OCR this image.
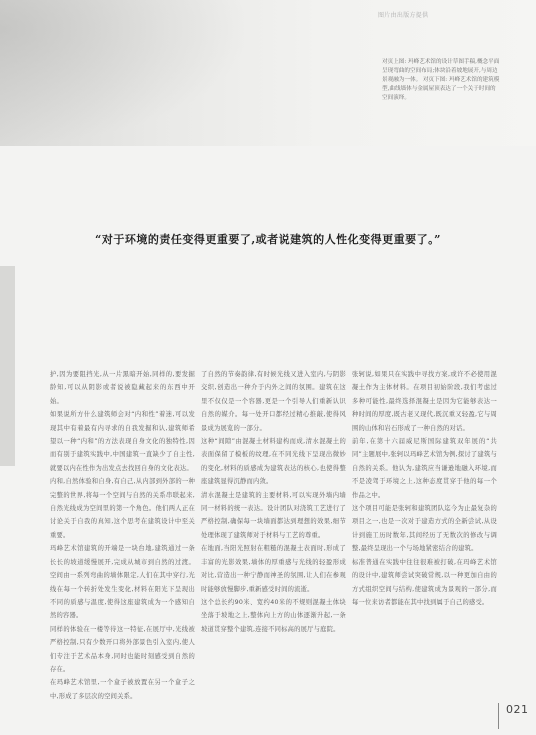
图片由出版方提供

对页上图: 玛峰艺术馆的设计草图手稿,概念平面呈现弯曲的空间布局;体块沿着坡地展开,与周边景观融为一体。 对页下图: 玛峰艺术馆的建筑模型,曲线墙体与金属屋顶表达了一个关于时间的空间演绎。

“对于环境的责任变得更重要了,或者说建筑的人性化变得更重要了。”

护,因为要阻挡光,从一片黑暗开始,同样的,要发掘龄知,可以从阴影或者说被隐藏起来的东西中开始。

如果说所方什么建筑师会对“内和性”着迷,可以发现其中有着最有内寻求的自我发掘和认,建筑师希望以一种“内和”的方法表现自身文化的独特性,因而有别于建筑实践中,中国建筑一直缺少了自主性,就要以内在性作为出发点去找回自身的文化表达。

内和,自然体验和自身,有自己,从内部到外部的一种完整的世界,将每一个空间与自然的关系串联起来,自然光线成为空间里的第一个角色。他们两人正在讨论关于自我的真知,这个思考在建筑设计中至关重要。

玛峰艺术馆建筑的开端是一块台地,建筑通过一条长长的坡道缓慢展开,完成从城市到自然的过渡。空间由一系列弯曲的墙体限定,人们在其中穿行,光线在每一个转折处发生变化,材料在阳光下呈现出不同的质感与温度,使得这座建筑成为一个感知自然的容器。

同样的体验在一楼等待这一特征,在展厅中,光线被严格控制,只有少数开口将外部景色引入室内,使人们专注于艺术品本身,同时也能时刻感受到自然的存在。

在玛峰艺术馆里,一个盒子被放置在另一个盒子之中,形成了多层次的空间关系。

了自然的节奏韵律,有时候光线又进入室内,与阴影交织,创造出一种介于内外之间的氛围。建筑在这里不仅仅是一个容器,更是一个引导人们重新认识自然的媒介。每一处开口都经过精心推敲,使得风景成为展览的一部分。

这种“间隙”由混凝土材料建构而成,清水混凝土的表面保留了模板的纹理,在不同光线下呈现出微妙的变化,材料的质感成为建筑表达的核心,也使得整座建筑显得沉静而内敛。

清水混凝土是建筑的主要材料,可以实现外墙内墙同一材料的统一表达。设计团队对浇筑工艺进行了严格控制,确保每一块墙面都达到理想的效果,细节处理体现了建筑师对于材料与工艺的尊重。

在地面,当阳光照射在粗糙的混凝土表面时,形成了丰富的光影效果,墙体的厚重感与光线的轻盈形成对比,营造出一种宁静而神圣的氛围,让人们在参观时能够放慢脚步,重新感受时间的流逝。

这个总长约90米、宽约40米的不规则混凝土体块坐落于坡地之上,整体向上方的山体逐渐升起,一条坡道贯穿整个建筑,连接不同标高的展厅与庭院。

张轲说,如果只在实践中寻找方案,或许不必使用混凝土作为主体材料。在项目初始阶段,我们考虑过多种可能性,最终选择混凝土是因为它能够表达一种时间的厚度,既古老又现代,既沉重又轻盈,它与周围的山体和岩石形成了一种自然的对话。

前年,在第十六届威尼斯国际建筑双年展的“共同”主题展中,张轲以玛峰艺术馆为例,探讨了建筑与自然的关系。他认为,建筑应当谦逊地融入环境,而不是凌驾于环境之上,这种态度贯穿于他的每一个作品之中。

这个项目可能是张轲和建筑团队迄今为止最复杂的项目之一,也是一次对于建造方式的全新尝试,从设计到施工历时数年,其间经历了无数次的修改与调整,最终呈现出一个与场地紧密结合的建筑。

标准普通在实践中往往很难被打破,在玛峰艺术馆的设计中,建筑师尝试突破常规,以一种更加自由的方式组织空间与结构,使建筑成为景观的一部分,而每一位来访者都能在其中找到属于自己的感受。

021
